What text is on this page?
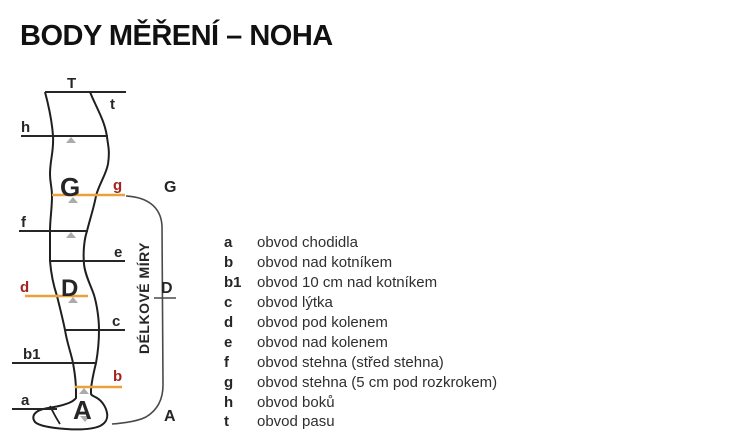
BODY MĚŘENÍ – NOHA
T
t
h
f
e
c
b1
a
g
d
b
G
D
A
G
D
A
DÉLKOVÉ MÍRY	a	obvod chodidla
b	obvod nad kotníkem
b1	obvod 10 cm nad kotníkem
c	obvod lýtka
d	obvod pod kolenem
e	obvod nad kolenem
f	obvod stehna (střed stehna)
g	obvod stehna (5 cm pod rozkrokem)
h	obvod boků
t	obvod pasu
